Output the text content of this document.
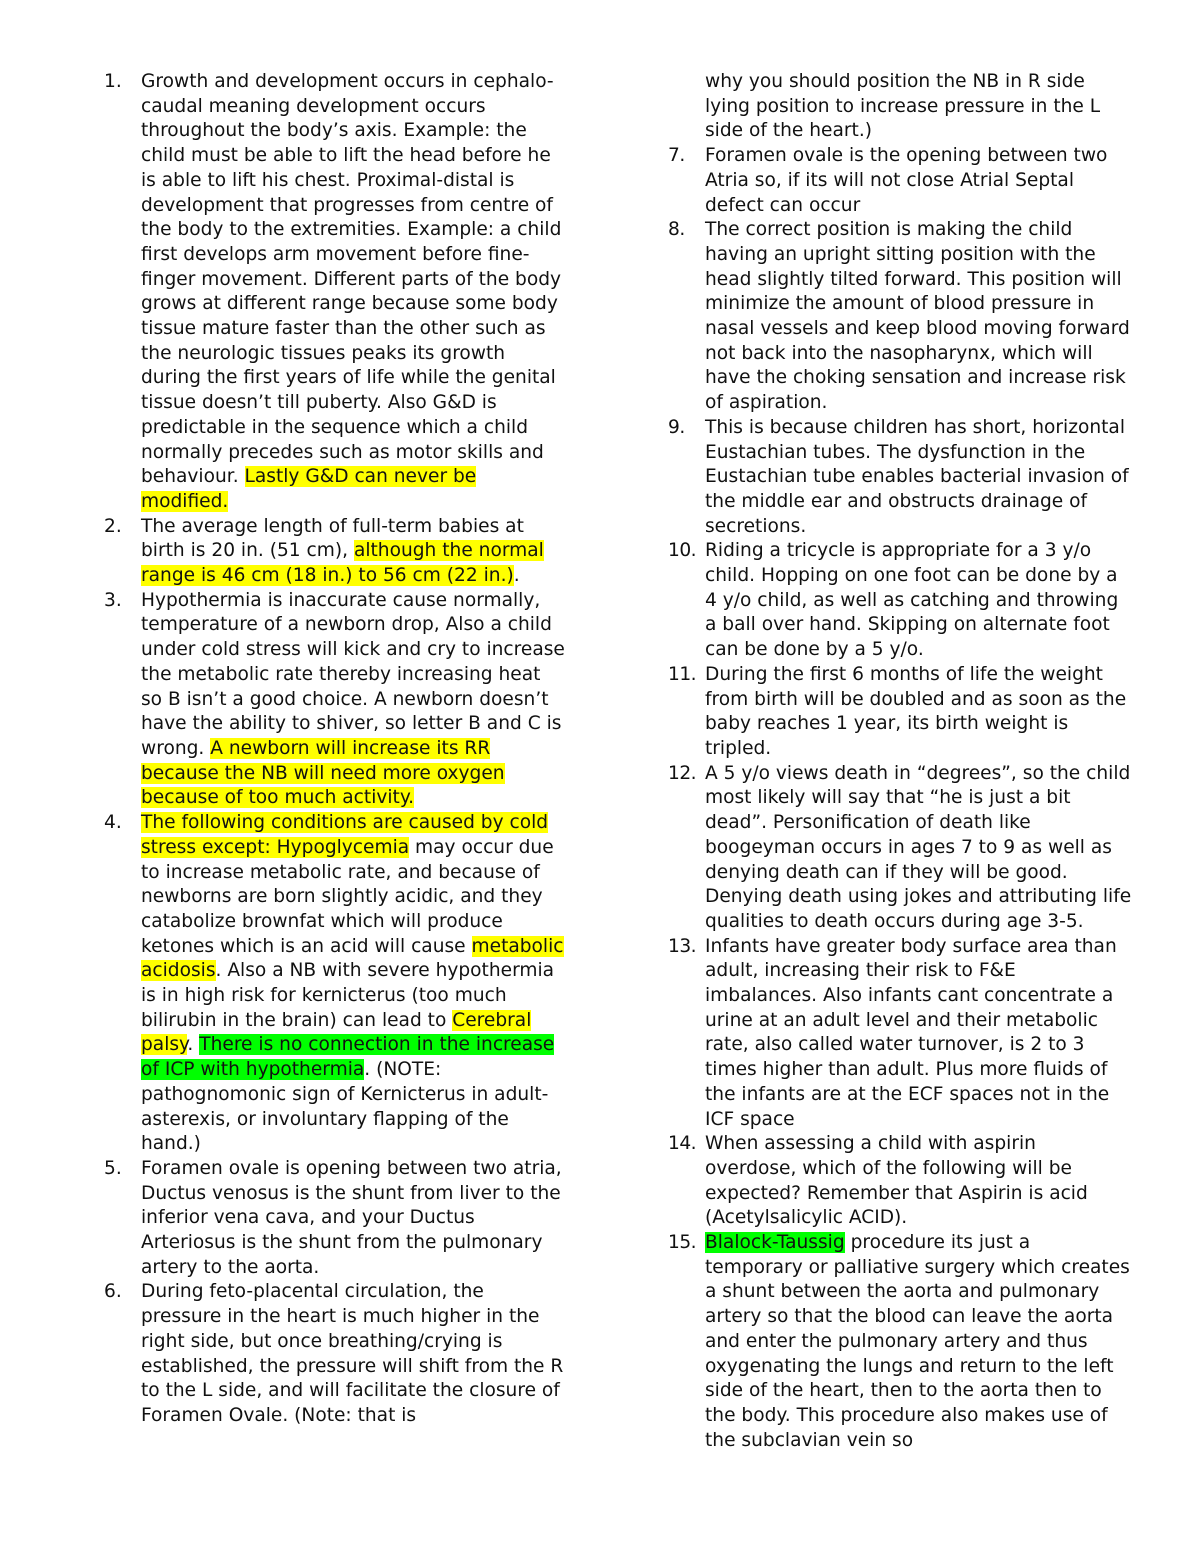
1.	Growth and development occurs in cephalo-caudal meaning development occurs throughout the body’s axis. Example: the child must be able to lift the head before he is able to lift his chest. Proximal-distal is development that progresses from centre of the body to the extremities. Example: a child first develops arm movement before fine-finger movement. Different parts of the body grows at different range because some body tissue mature faster than the other such as the neurologic tissues peaks its growth during the first years of life while the genital tissue doesn’t till puberty. Also G&D is predictable in the sequence which a child normally precedes such as motor skills and behaviour. Lastly G&D can never be modified.
2.	The average length of full-term babies at birth is 20 in. (51 cm), although the normal range is 46 cm (18 in.) to 56 cm (22 in.).
3.	Hypothermia is inaccurate cause normally, temperature of a newborn drop, Also a child under cold stress will kick and cry to increase the metabolic rate thereby increasing heat so B isn’t a good choice. A newborn doesn’t have the ability to shiver, so letter B and C is wrong. A newborn will increase its RR because the NB will need more oxygen because of too much activity.
4.	The following conditions are caused by cold stress except: Hypoglycemia may occur due to increase metabolic rate, and because of newborns are born slightly acidic, and they catabolize brownfat which will produce ketones which is an acid will cause metabolic acidosis. Also a NB with severe hypothermia is in high risk for kernicterus (too much bilirubin in the brain) can lead to Cerebral palsy. There is no connection in the increase of ICP with hypothermia. (NOTE: pathognomonic sign of Kernicterus in adult- asterexis, or involuntary flapping of the hand.)
5.	Foramen ovale is opening between two atria, Ductus venosus is the shunt from liver to the inferior vena cava, and your Ductus Arteriosus is the shunt from the pulmonary artery to the aorta.
6.	During feto-placental circulation, the pressure in the heart is much higher in the right side, but once breathing/crying is established, the pressure will shift from the R to the L side, and will facilitate the closure of Foramen Ovale. (Note: that is
why you should position the NB in R side lying position to increase pressure in the L side of the heart.)
7.	Foramen ovale is the opening between two Atria so, if its will not close Atrial Septal defect can occur
8.	The correct position is making the child having an upright sitting position with the head slightly tilted forward. This position will minimize the amount of blood pressure in nasal vessels and keep blood moving forward not back into the nasopharynx, which will have the choking sensation and increase risk of aspiration.
9.	This is because children has short, horizontal Eustachian tubes. The dysfunction in the Eustachian tube enables bacterial invasion of the middle ear and obstructs drainage of secretions.
10. Riding a tricycle is appropriate for a 3 y/o child. Hopping on one foot can be done by a 4 y/o child, as well as catching and throwing a ball over hand. Skipping on alternate foot can be done by a 5 y/o.
11. During the first 6 months of life the weight from birth will be doubled and as soon as the baby reaches 1 year, its birth weight is tripled.
12. A 5 y/o views death in “degrees”, so the child most likely will say that “he is just a bit dead”. Personification of death like boogeyman occurs in ages 7 to 9 as well as denying death can if they will be good. Denying death using jokes and attributing life qualities to death occurs during age 3-5.
13. Infants have greater body surface area than adult, increasing their risk to F&E imbalances. Also infants cant concentrate a urine at an adult level and their metabolic rate, also called water turnover, is 2 to 3 times higher than adult. Plus more fluids of the infants are at the ECF spaces not in the ICF space
14. When assessing a child with aspirin overdose, which of the following will be expected? Remember that Aspirin is acid (Acetylsalicylic ACID).
15. Blalock-Taussig procedure its just a temporary or palliative surgery which creates a shunt between the aorta and pulmonary artery so that the blood can leave the aorta and enter the pulmonary artery and thus oxygenating the lungs and return to the left side of the heart, then to the aorta then to the body. This procedure also makes use of the subclavian vein so
